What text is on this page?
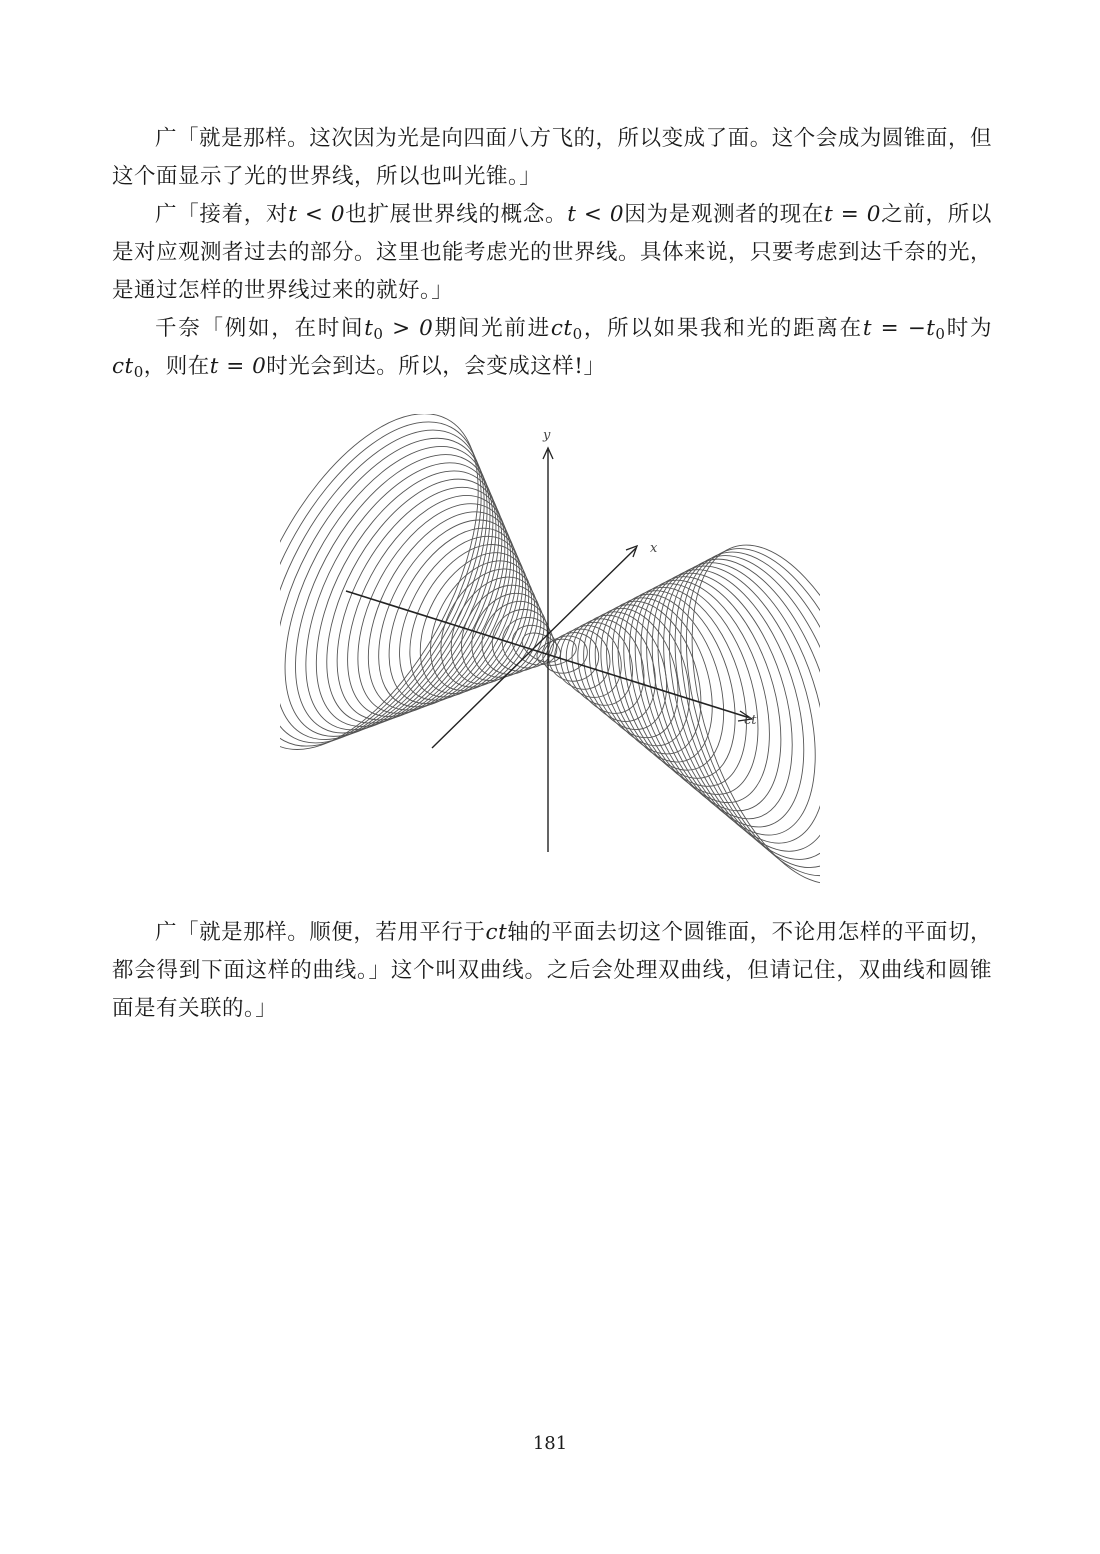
广「就是那样。这次因为光是向四面八方飞的，所以变成了面。这个会成为圆锥面，但这个面显示了光的世界线，所以也叫光锥。」

广「接着，对t < 0也扩展世界线的概念。t < 0因为是观测者的现在t = 0之前，所以是对应观测者过去的部分。这里也能考虑光的世界线。具体来说，只要考虑到达千奈的光，是通过怎样的世界线过来的就好。」

千奈「例如，在时间$t_0 > 0$期间光前进$ct_0$，所以如果我和光的距离在$t = -t_0$时为$ct_0$，则在t = 0时光会到达。所以，会变成这样!」

y
x
ct

广「就是那样。顺便，若用平行于ct轴的平面去切这个圆锥面，不论用怎样的平面切，都会得到下面这样的曲线。」这个叫双曲线。之后会处理双曲线，但请记住，双曲线和圆锥面是有关联的。」

181
